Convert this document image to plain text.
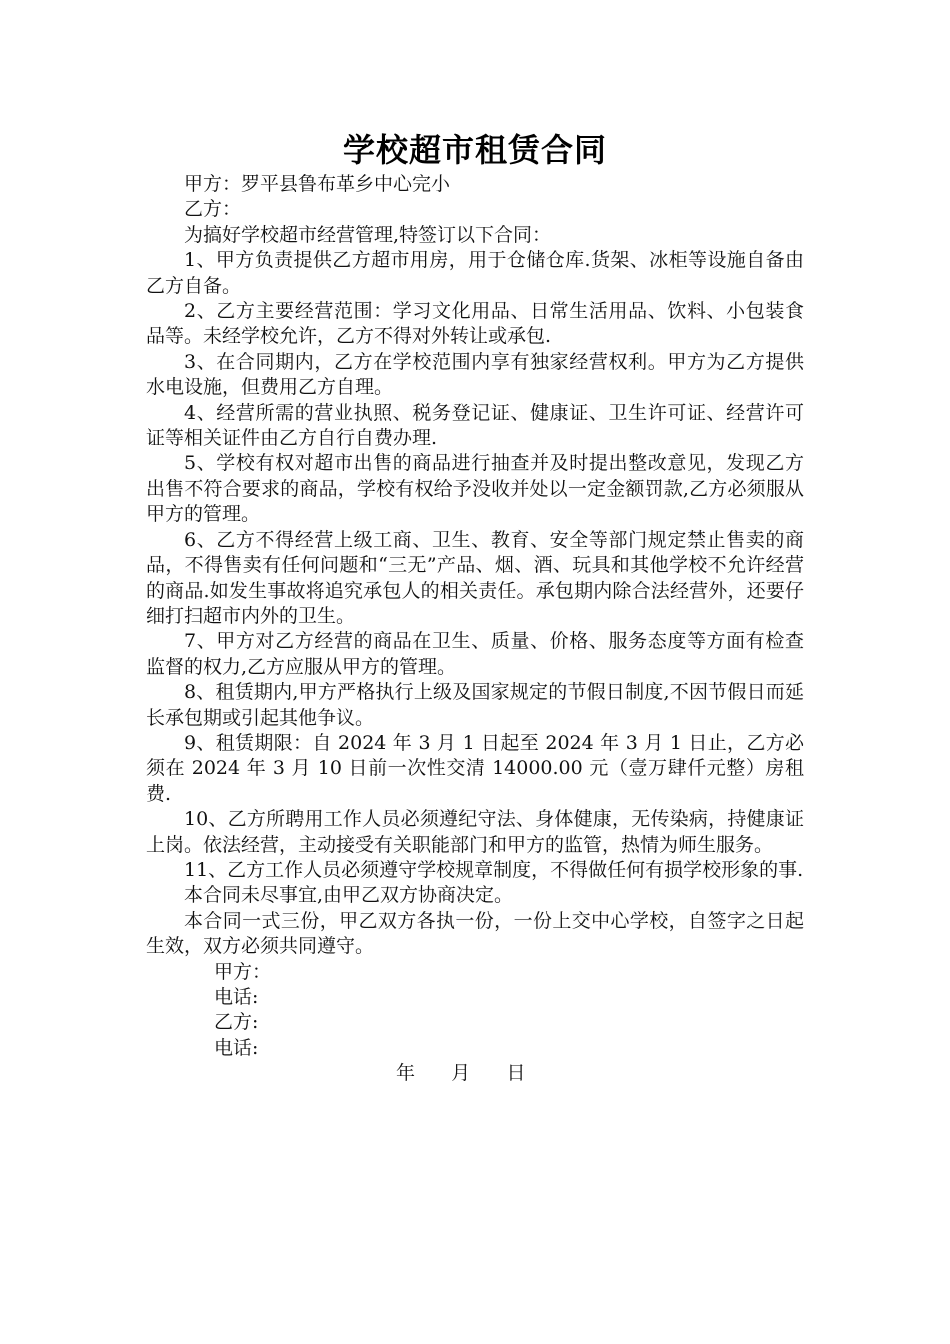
学校超市租赁合同

甲方：罗平县鲁布革乡中心完小

乙方：

为搞好学校超市经营管理,特签订以下合同：

1、甲方负责提供乙方超市用房，用于仓储仓库.货架、冰柜等设施自备由乙方自备。

2、乙方主要经营范围：学习文化用品、日常生活用品、饮料、小包装食品等。未经学校允许，乙方不得对外转让或承包.

3、在合同期内，乙方在学校范围内享有独家经营权利。甲方为乙方提供水电设施，但费用乙方自理。

4、经营所需的营业执照、税务登记证、健康证、卫生许可证、经营许可证等相关证件由乙方自行自费办理.

5、学校有权对超市出售的商品进行抽查并及时提出整改意见，发现乙方出售不符合要求的商品，学校有权给予没收并处以一定金额罚款,乙方必须服从甲方的管理。

6、乙方不得经营上级工商、卫生、教育、安全等部门规定禁止售卖的商品，不得售卖有任何问题和“三无”产品、烟、酒、玩具和其他学校不允许经营的商品.如发生事故将追究承包人的相关责任。承包期内除合法经营外，还要仔细打扫超市内外的卫生。

7、甲方对乙方经营的商品在卫生、质量、价格、服务态度等方面有检查监督的权力,乙方应服从甲方的管理。

8、租赁期内,甲方严格执行上级及国家规定的节假日制度,不因节假日而延长承包期或引起其他争议。

9、租赁期限：自 2024 年 3 月 1 日起至 2024 年 3 月 1 日止，乙方必须在 2024 年 3 月 10 日前一次性交清 14000.00 元（壹万肆仟元整）房租费.

10、乙方所聘用工作人员必须遵纪守法、身体健康，无传染病，持健康证上岗。依法经营，主动接受有关职能部门和甲方的监管，热情为师生服务。

11、乙方工作人员必须遵守学校规章制度，不得做任何有损学校形象的事.

本合同未尽事宜,由甲乙双方协商决定。

本合同一式三份，甲乙双方各执一份，一份上交中心学校，自签字之日起生效，双方必须共同遵守。

甲方：

电话:

乙方:

电话:

年      月      日
